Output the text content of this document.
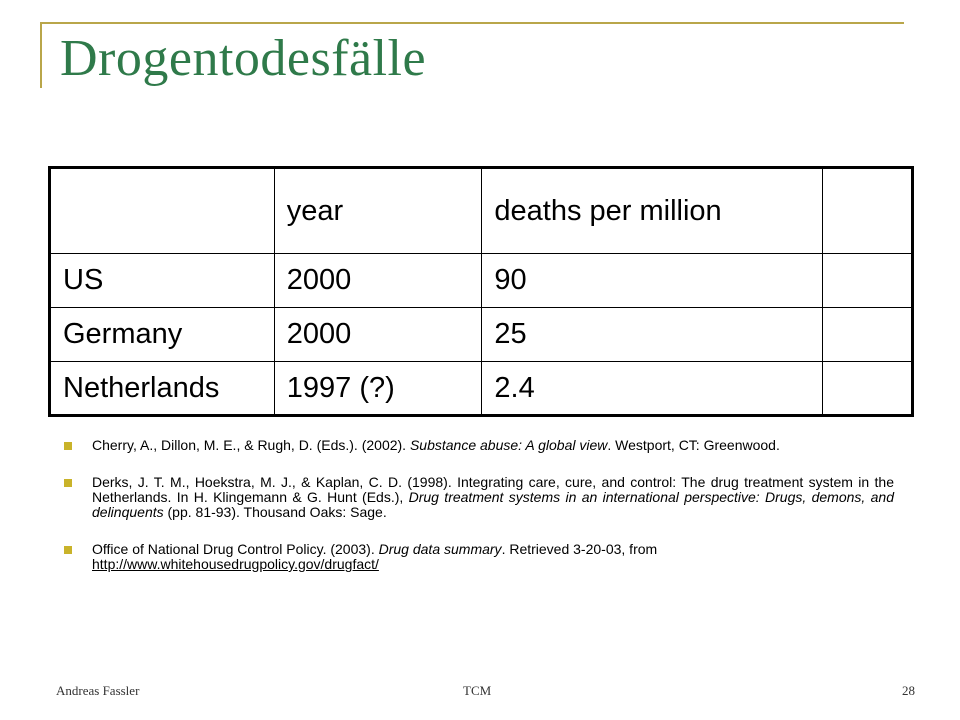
Drogentodesfälle
	year	deaths per million	
US	2000	90	
Germany	2000	25	
Netherlands	1997 (?)	2.4	
Cherry, A., Dillon, M. E., & Rugh, D. (Eds.). (2002). Substance abuse: A global view. Westport, CT: Greenwood.
Derks, J. T. M., Hoekstra, M. J., & Kaplan, C. D. (1998). Integrating care, cure, and control: The drug treatment system in the Netherlands. In H. Klingemann & G. Hunt (Eds.), Drug treatment systems in an international perspective: Drugs, demons, and delinquents (pp. 81-93). Thousand Oaks: Sage.
Office of National Drug Control Policy. (2003). Drug data summary. Retrieved 3-20-03, from
http://www.whitehousedrugpolicy.gov/drugfact/
Andreas Fassler	TCM	28
